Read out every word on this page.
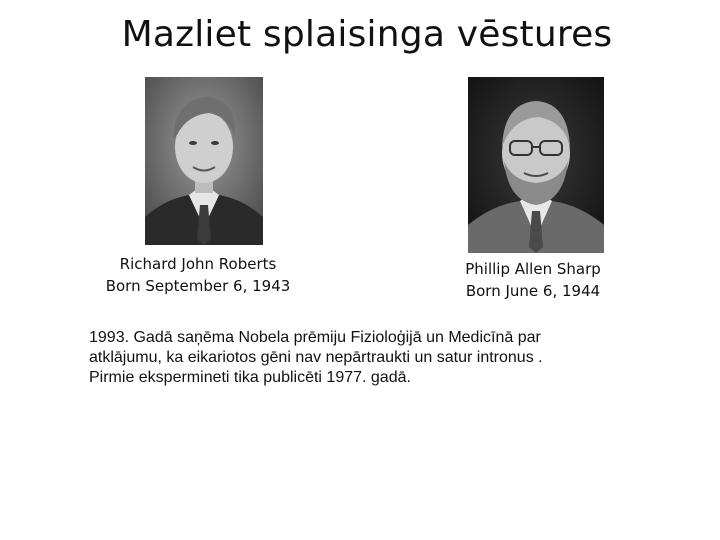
Mazliet splaisinga vēstures
Richard John Roberts
Born September 6, 1943
Phillip Allen Sharp
Born June 6, 1944
1993. Gadā saņēma Nobela prēmiju Fizioloģijā un Medicīnā par
atklājumu, ka eikariotos gēni nav nepārtraukti un satur intronus .
Pirmie ekspermineti tika publicēti 1977. gadā.
